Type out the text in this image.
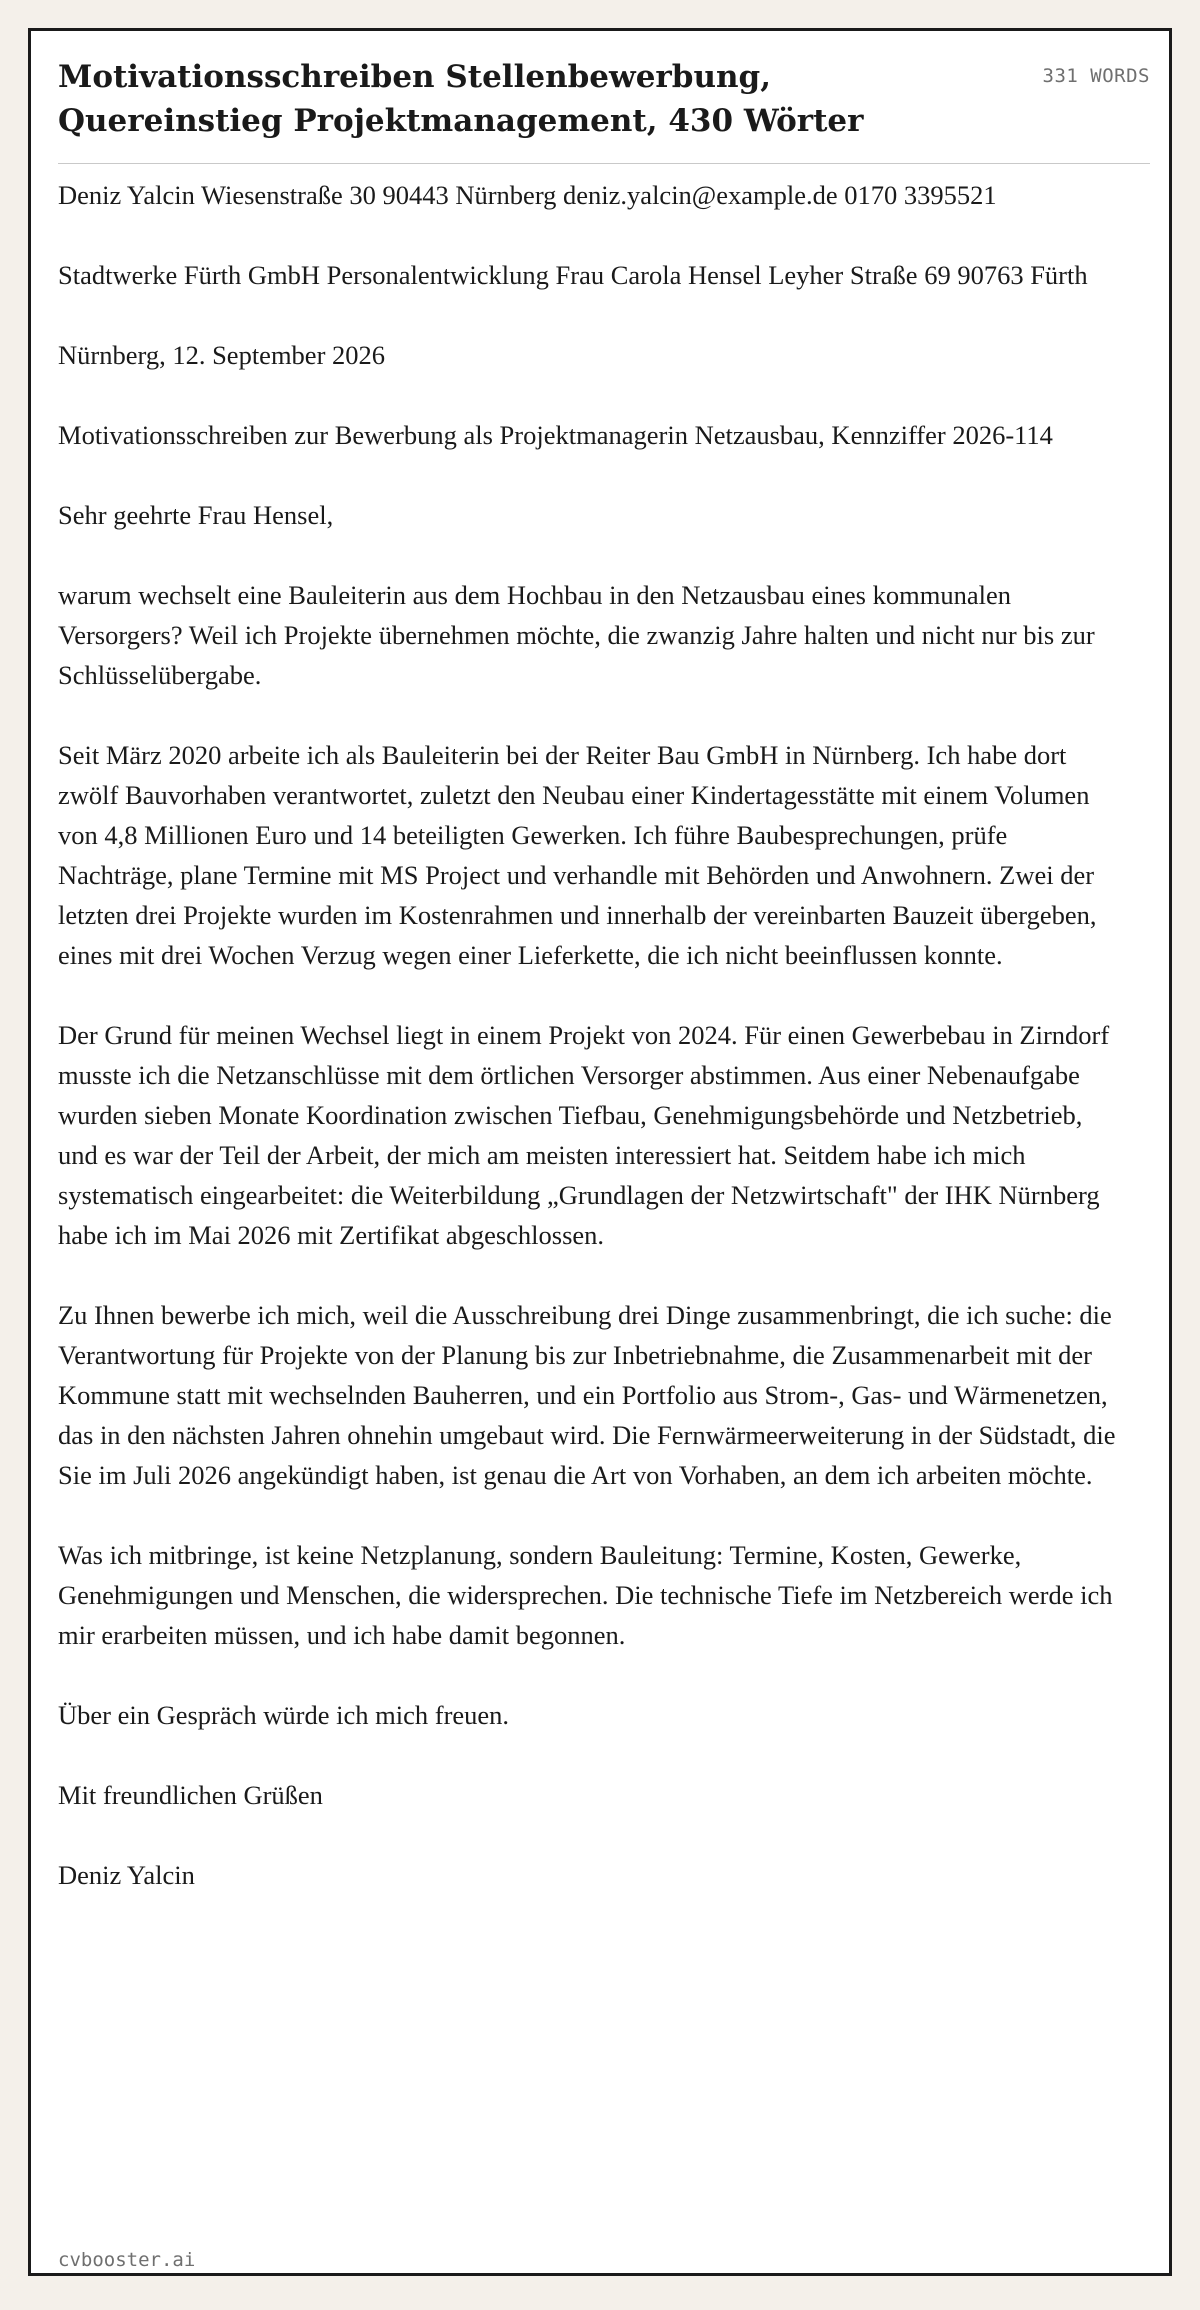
Motivationsschreiben Stellenbewerbung, Quereinstieg Projektmanagement, 430 Wörter
331 WORDS

Deniz Yalcin Wiesenstraße 30 90443 Nürnberg deniz.yalcin@example.de 0170 3395521

Stadtwerke Fürth GmbH Personalentwicklung Frau Carola Hensel Leyher Straße 69 90763 Fürth

Nürnberg, 12. September 2026

Motivationsschreiben zur Bewerbung als Projektmanagerin Netzausbau, Kennziffer 2026-114

Sehr geehrte Frau Hensel,

warum wechselt eine Bauleiterin aus dem Hochbau in den Netzausbau eines kommunalen Versorgers? Weil ich Projekte übernehmen möchte, die zwanzig Jahre halten und nicht nur bis zur Schlüsselübergabe.

Seit März 2020 arbeite ich als Bauleiterin bei der Reiter Bau GmbH in Nürnberg. Ich habe dort zwölf Bauvorhaben verantwortet, zuletzt den Neubau einer Kindertagesstätte mit einem Volumen von 4,8 Millionen Euro und 14 beteiligten Gewerken. Ich führe Baubesprechungen, prüfe Nachträge, plane Termine mit MS Project und verhandle mit Behörden und Anwohnern. Zwei der letzten drei Projekte wurden im Kostenrahmen und innerhalb der vereinbarten Bauzeit übergeben, eines mit drei Wochen Verzug wegen einer Lieferkette, die ich nicht beeinflussen konnte.

Der Grund für meinen Wechsel liegt in einem Projekt von 2024. Für einen Gewerbebau in Zirndorf musste ich die Netzanschlüsse mit dem örtlichen Versorger abstimmen. Aus einer Nebenaufgabe wurden sieben Monate Koordination zwischen Tiefbau, Genehmigungsbehörde und Netzbetrieb, und es war der Teil der Arbeit, der mich am meisten interessiert hat. Seitdem habe ich mich systematisch eingearbeitet: die Weiterbildung „Grundlagen der Netzwirtschaft" der IHK Nürnberg habe ich im Mai 2026 mit Zertifikat abgeschlossen.

Zu Ihnen bewerbe ich mich, weil die Ausschreibung drei Dinge zusammenbringt, die ich suche: die Verantwortung für Projekte von der Planung bis zur Inbetriebnahme, die Zusammenarbeit mit der Kommune statt mit wechselnden Bauherren, und ein Portfolio aus Strom-, Gas- und Wärmenetzen, das in den nächsten Jahren ohnehin umgebaut wird. Die Fernwärmeerweiterung in der Südstadt, die Sie im Juli 2026 angekündigt haben, ist genau die Art von Vorhaben, an dem ich arbeiten möchte.

Was ich mitbringe, ist keine Netzplanung, sondern Bauleitung: Termine, Kosten, Gewerke, Genehmigungen und Menschen, die widersprechen. Die technische Tiefe im Netzbereich werde ich mir erarbeiten müssen, und ich habe damit begonnen.

Über ein Gespräch würde ich mich freuen.

Mit freundlichen Grüßen

Deniz Yalcin

cvbooster.ai
